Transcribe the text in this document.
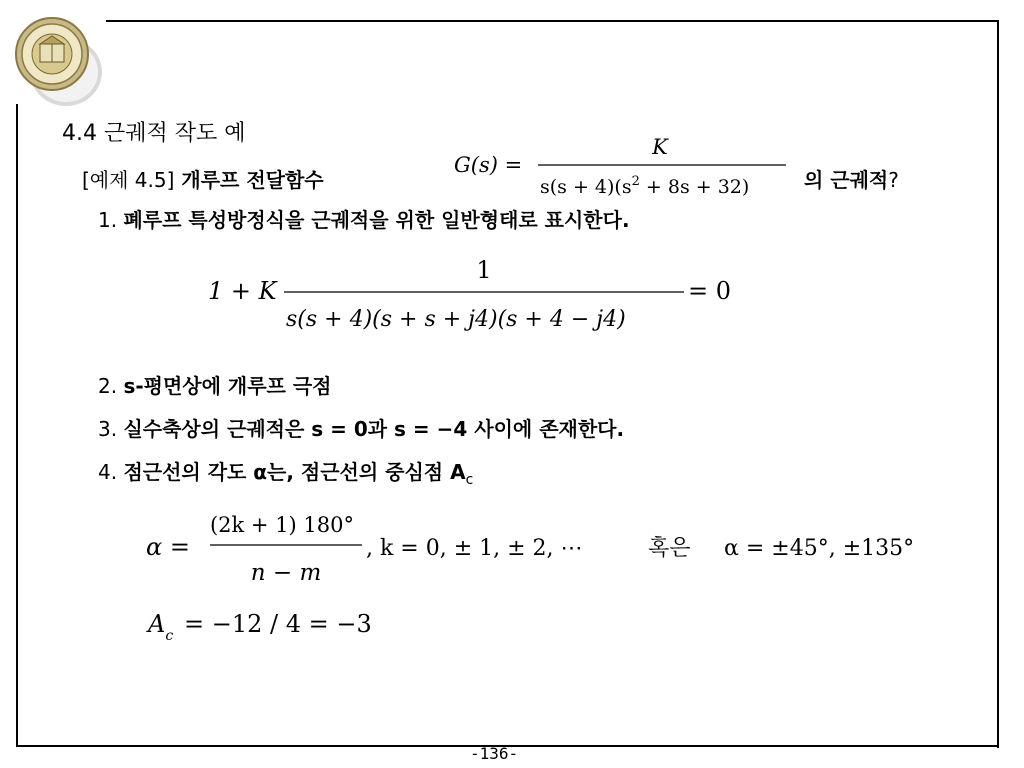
4.4 근궤적 작도 예
[예제 4.5] 개루프 전달함수
G(s) =
K
$s(s + 4)(s^2 + 8s + 32)$	의 근궤적?
1. 폐루프 특성방정식을 근궤적을 위한 일반형태로 표시한다.
1 + K
1
s(s + 4)(s + s + j4)(s + 4 − j4)
= 0
2. s-평면상에 개루프 극점
3. 실수축상의 근궤적은 s = 0과 s = −4 사이에 존재한다.
4. 점근선의 각도 α는, 점근선의 중심점 $A_c$
α =
(2k + 1) 180°
n − m
, k = 0, ± 1, ± 2, ⋯	혹은 α = ±45°, ±135°
$A_c = -12 / 4 = -3$
-136-
